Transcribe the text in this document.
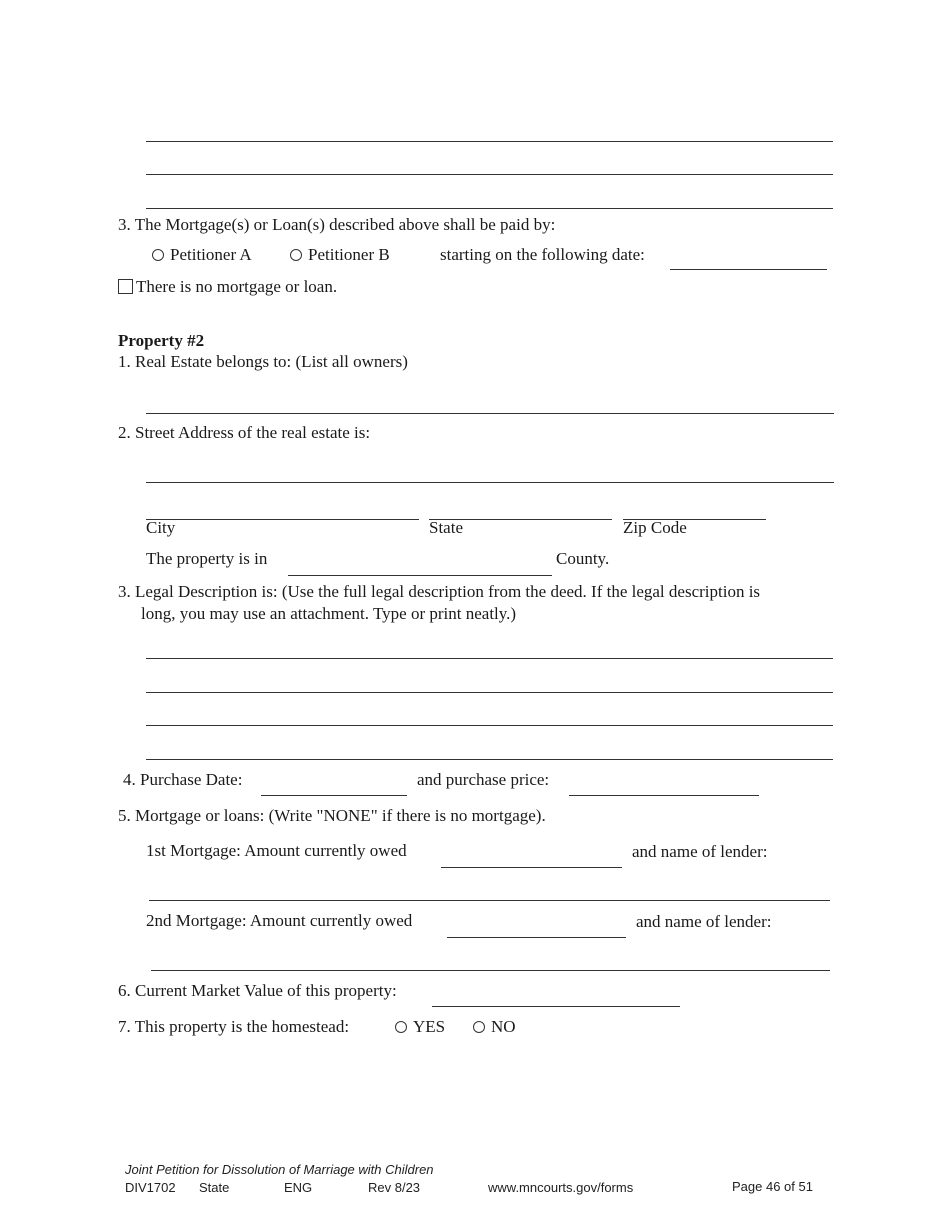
3. The Mortgage(s) or Loan(s) described above shall be paid by:
Petitioner A	Petitioner B	starting on the following date:
There is no mortgage or loan.
Property #2
1. Real Estate belongs to: (List all owners)
2. Street Address of the real estate is:
City	State	Zip Code
The property is in	County.
3. Legal Description is: (Use the full legal description from the deed. If the legal description is
long, you may use an attachment. Type or print neatly.)
4. Purchase Date:	and purchase price:
5. Mortgage or loans: (Write "NONE" if there is no mortgage).
1st Mortgage: Amount currently owed	and name of lender:
2nd Mortgage: Amount currently owed	and name of lender:
6. Current Market Value of this property:
7. This property is the homestead:	YES	NO
Joint Petition for Dissolution of Marriage with Children
DIV1702 State	ENG	Rev 8/23	www.mncourts.gov/forms	Page 46 of 51
